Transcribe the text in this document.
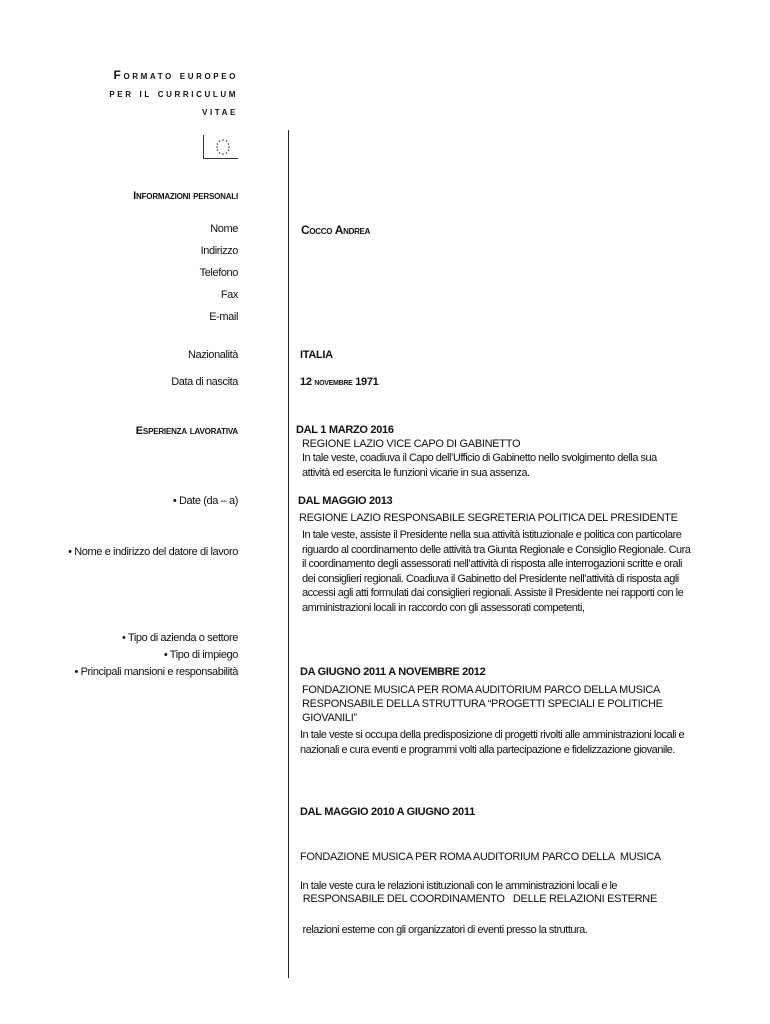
Formato europeo
per il curriculum
vitae
Informazioni personali
Nome
Indirizzo
Telefono
Fax
E-mail
Nazionalità
Data di nascita
Cocco Andrea
ITALIA
12 novembre 1971
Esperienza lavorativa
• Date (da – a)
• Nome e indirizzo del datore di lavoro
• Tipo di azienda o settore
• Tipo di impiego
• Principali mansioni e responsabilità
DAL 1 MARZO 2016
REGIONE LAZIO VICE CAPO DI GABINETTO
In tale veste, coadiuva il Capo dell’Ufficio di Gabinetto nello svolgimento della sua
attività ed esercita le funzioni vicarie in sua assenza.
DAL MAGGIO 2013
REGIONE LAZIO RESPONSABILE SEGRETERIA POLITICA DEL PRESIDENTE
In tale veste, assiste il Presidente nella sua attività istituzionale e politica con particolare
riguardo al coordinamento delle attività tra Giunta Regionale e Consiglio Regionale. Cura
il coordinamento degli assessorati nell’attività di risposta alle interrogazioni scritte e orali
dei consiglieri regionali. Coadiuva il Gabinetto del Presidente nell’attività di risposta agli
accessi agli atti formulati dai consiglieri regionali. Assiste il Presidente nei rapporti con le
amministrazioni locali in raccordo con gli assessorati competenti,
DA GIUGNO 2011 A NOVEMBRE 2012
FONDAZIONE MUSICA PER ROMA AUDITORIUM PARCO DELLA MUSICA
RESPONSABILE DELLA STRUTTURA “PROGETTI SPECIALI E POLITICHE
GIOVANILI”
In tale veste si occupa della predisposizione di progetti rivolti alle amministrazioni locali e
nazionali e cura eventi e programmi volti alla partecipazione e fidelizzazione giovanile.
DAL MAGGIO 2010 A GIUGNO 2011

FONDAZIONE MUSICA PER ROMA AUDITORIUM PARCO DELLA  MUSICA

RESPONSABILE DEL COORDINAMENTO   DELLE RELAZIONI ESTERNE

In tale veste cura le relazioni istituzionali con le amministrazioni locali e le

relazioni esterne con gli organizzatori di eventi presso la struttura.
